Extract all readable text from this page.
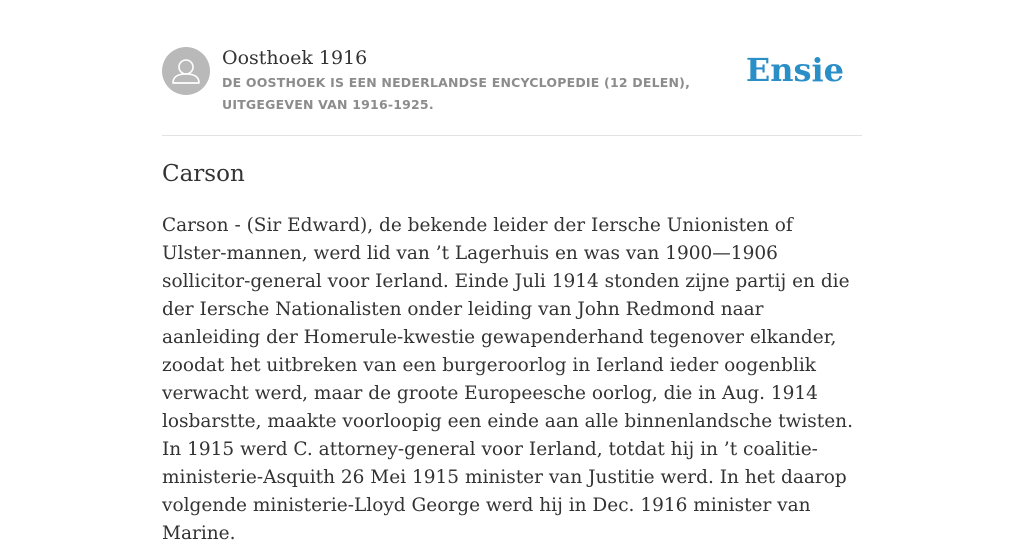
Oosthoek 1916
DE OOSTHOEK IS EEN NEDERLANDSE ENCYCLOPEDIE (12 DELEN), UITGEGEVEN VAN 1916-1925.
Ensie
Carson

Carson - (Sir Edward), de bekende leider der Iersche Unionisten of Ulster-mannen, werd lid van ’t Lagerhuis en was van 1900—1906 sollicitor-general voor Ierland. Einde Juli 1914 stonden zijne partij en die der Iersche Nationalisten onder leiding van John Redmond naar aanleiding der Homerule-kwestie gewapenderhand tegenover elkander, zoodat het uitbreken van een burgeroorlog in Ierland ieder oogenblik verwacht werd, maar de groote Europeesche oorlog, die in Aug. 1914 losbarstte, maakte voorloopig een einde aan alle binnenlandsche twisten. In 1915 werd C. attorney-general voor Ierland, totdat hij in ’t coalitie-ministerie-Asquith 26 Mei 1915 minister van Justitie werd. In het daarop volgende ministerie-Lloyd George werd hij in Dec. 1916 minister van Marine.
